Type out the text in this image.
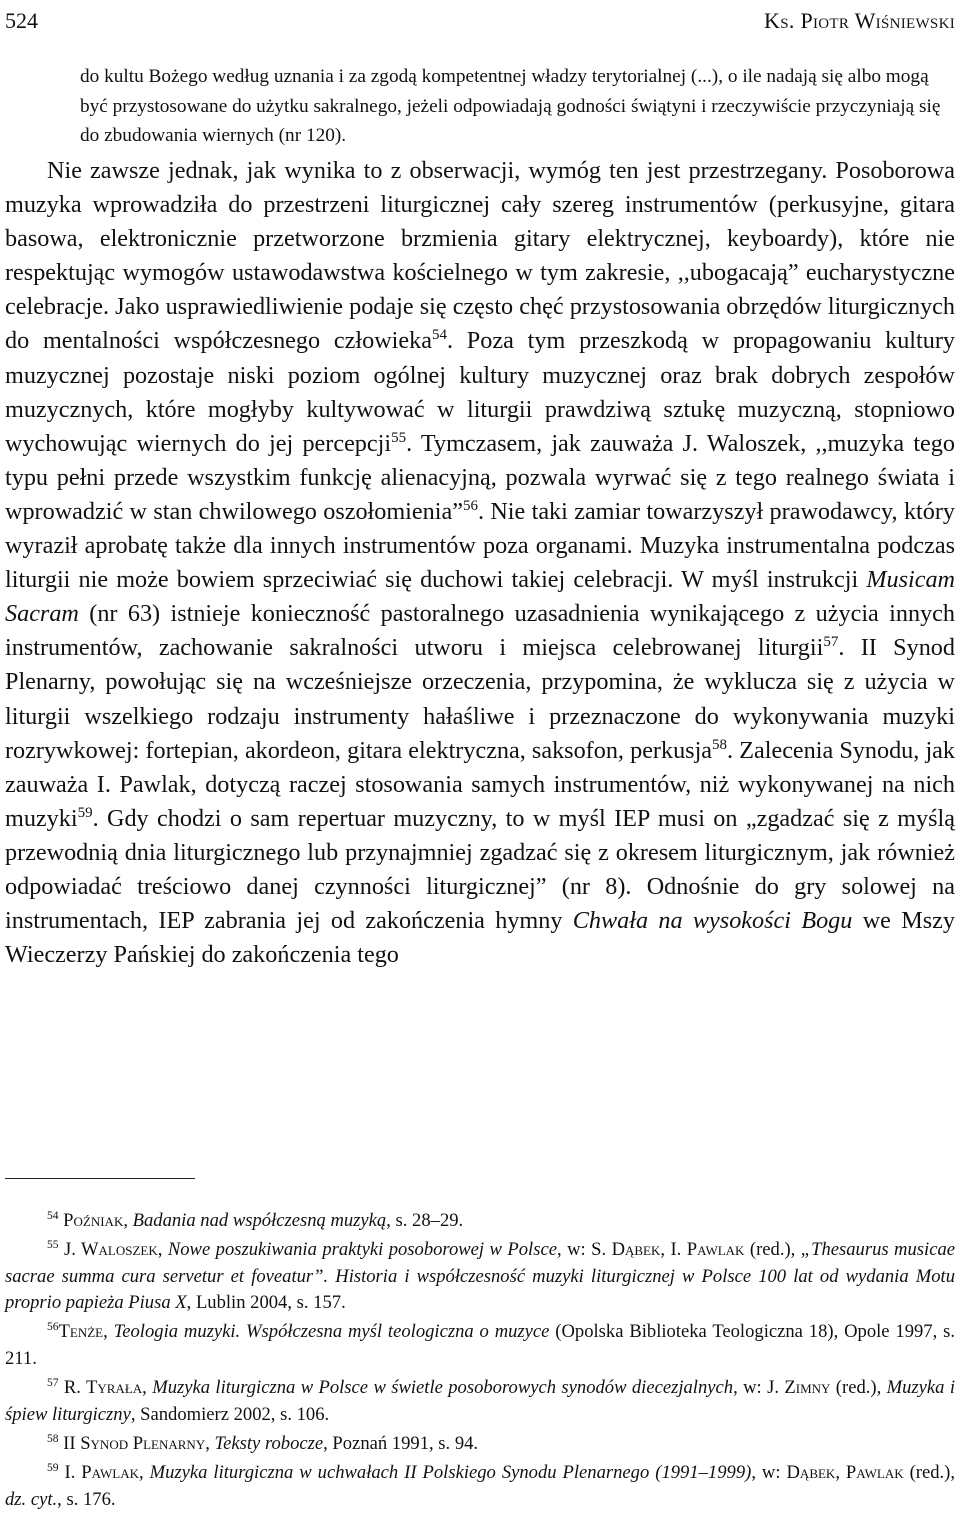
524	Ks. Piotr Wiśniewski

do kultu Bożego według uznania i za zgodą kompetentnej władzy terytorialnej (...), o ile nadają się albo mogą być przystosowane do użytku sakralnego, jeżeli odpowiadają godności świątyni i rzeczywiście przyczyniają się do zbudowania wiernych (nr 120).

Nie zawsze jednak, jak wynika to z obserwacji, wymóg ten jest przestrzegany. Posoborowa muzyka wprowadziła do przestrzeni liturgicznej cały szereg instrumentów (perkusyjne, gitara basowa, elektronicznie przetworzone brzmienia gitary elektrycznej, keyboardy), które nie respektując wymogów ustawodawstwa kościelnego w tym zakresie, ,,ubogacają” eucharystyczne celebracje. Jako usprawiedliwienie podaje się często chęć przystosowania obrzędów liturgicznych do mentalności współczesnego człowieka$^{54}$. Poza tym przeszkodą w propagowaniu kultury muzycznej pozostaje niski poziom ogólnej kultury muzycznej oraz brak dobrych zespołów muzycznych, które mogłyby kultywować w liturgii prawdziwą sztukę muzyczną, stopniowo wychowując wiernych do jej percepcji$^{55}$. Tymczasem, jak zauważa J. Waloszek, ,,muzyka tego typu pełni przede wszystkim funkcję alienacyjną, pozwala wyrwać się z tego realnego świata i wprowadzić w stan chwilowego oszołomienia”$^{56}$. Nie taki zamiar towarzyszył prawodawcy, który wyraził aprobatę także dla innych instrumentów poza organami. Muzyka instrumentalna podczas liturgii nie może bowiem sprzeciwiać się duchowi takiej celebracji. W myśl instrukcji Musicam Sacram (nr 63) istnieje konieczność pastoralnego uzasadnienia wynikającego z użycia innych instrumentów, zachowanie sakralności utworu i miejsca celebrowanej liturgii$^{57}$. II Synod Plenarny, powołując się na wcześniejsze orzeczenia, przypomina, że wyklucza się z użycia w liturgii wszelkiego rodzaju instrumenty hałaśliwe i przeznaczone do wykonywania muzyki rozrywkowej: fortepian, akordeon, gitara elektryczna, saksofon, perkusja$^{58}$. Zalecenia Synodu, jak zauważa I. Pawlak, dotyczą raczej stosowania samych instrumentów, niż wykonywanej na nich muzyki$^{59}$. Gdy chodzi o sam repertuar muzyczny, to w myśl IEP musi on „zgadzać się z myślą przewodnią dnia liturgicznego lub przynajmniej zgadzać się z okresem liturgicznym, jak również odpowiadać treściowo danej czynności liturgicznej” (nr 8). Odnośnie do gry solowej na instrumentach, IEP zabrania jej od zakończenia hymny Chwała na wysokości Bogu we Mszy Wieczerzy Pańskiej do zakończenia tego

$^{54}$ Poźniak, Badania nad współczesną muzyką, s. 28–29.

$^{55}$ J. Waloszek, Nowe poszukiwania praktyki posoborowej w Polsce, w: S. Dąbek, I. Pawlak (red.), „Thesaurus musicae sacrae summa cura servetur et foveatur”. Historia i współczesność muzyki liturgicznej w Polsce 100 lat od wydania Motu proprio papieża Piusa X, Lublin 2004, s. 157.

$^{56}$Tenże, Teologia muzyki. Współczesna myśl teologiczna o muzyce (Opolska Biblioteka Teologiczna 18), Opole 1997, s. 211.

$^{57}$ R. Tyrała, Muzyka liturgiczna w Polsce w świetle posoborowych synodów diecezjalnych, w: J. Zimny (red.), Muzyka i śpiew liturgiczny, Sandomierz 2002, s. 106.

$^{58}$ II Synod Plenarny, Teksty robocze, Poznań 1991, s. 94.

$^{59}$ I. Pawlak, Muzyka liturgiczna w uchwałach II Polskiego Synodu Plenarnego (1991–1999), w: Dąbek, Pawlak (red.), dz. cyt., s. 176.
